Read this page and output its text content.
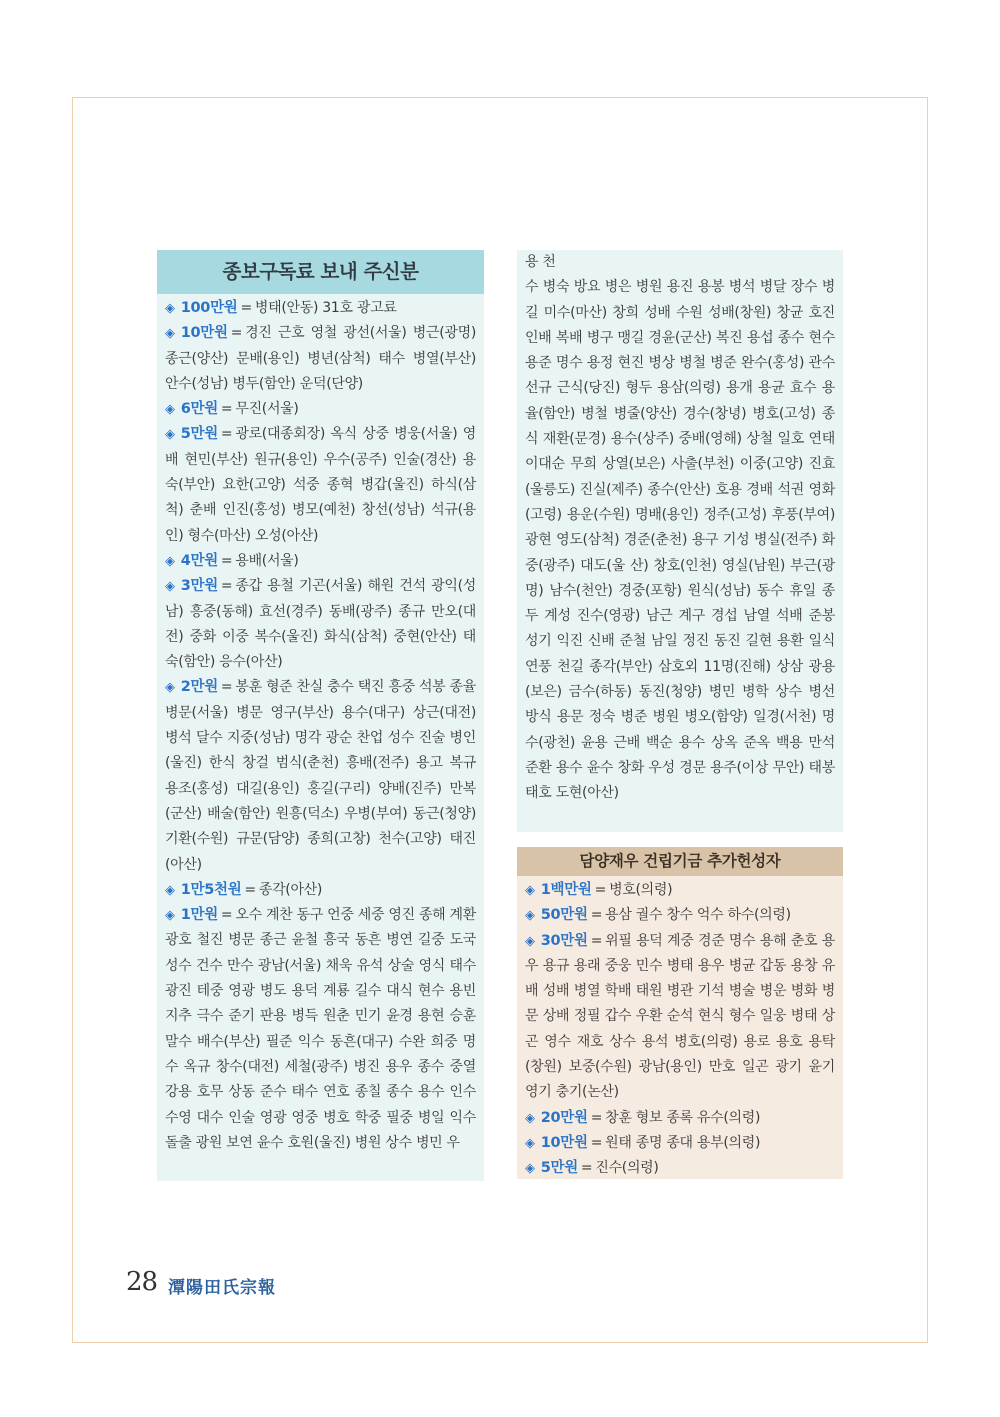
종보구독료 보내 주신분

◈ 100만원 = 병태(안동) 31호 광고료

◈ 10만원 = 경진 근호 영철 광선(서울) 병근(광명) 종근(양산) 문배(용인) 병년(삼척) 태수 병열(부산) 안수(성남) 병두(함안) 운덕(단양)

◈ 6만원 = 무진(서울)

◈ 5만원 = 광로(대종회장) 옥식 상중 병웅(서울) 영배 현민(부산) 원규(용인) 우수(공주) 인술(경산) 용숙(부안) 요한(고양) 석중 종혁 병갑(울진) 하식(삼척) 춘배 인진(홍성) 병모(예천) 창선(성남) 석규(용인) 형수(마산) 오성(아산)

◈ 4만원 = 용배(서울)

◈ 3만원 = 종갑 용철 기곤(서울) 해원 건석 광익(성남) 흥중(동해) 효선(경주) 동배(광주) 종규 만오(대전) 중화 이중 복수(울진) 화식(삼척) 중현(안산) 태숙(함안) 응수(아산)

◈ 2만원 = 봉훈 형준 찬실 충수 택진 흥중 석봉 종율 병문(서울) 병문 영구(부산) 용수(대구) 상근(대전) 병석 달수 지중(성남) 명각 광순 찬업 성수 진술 병인(울진) 한식 창걸 범식(춘천) 흥배(전주) 용고 복규 용조(홍성) 대길(용인) 홍길(구리) 양배(진주) 만복(군산) 배술(함안) 원흥(덕소) 우병(부여) 동근(청양) 기환(수원) 규문(담양) 종희(고창) 천수(고양) 태진(아산)

◈ 1만5천원 = 종각(아산)

◈ 1만원 = 오수 계찬 동구 언중 세중 영진 종해 계환 광호 철진 병문 종근 윤철 흥국 동흔 병연 길중 도국 성수 건수 만수 광남(서울) 채욱 유석 상술 영식 태수 광진 테중 영광 병도 용덕 계룡 길수 대식 현수 용빈 지추 극수 준기 판용 병득 원춘 민기 윤경 용현 승훈 말수 배수(부산) 필준 익수 동흔(대구) 수완 희중 명수 옥규 창수(대전) 세철(광주) 병진 용우 종수 중열 강용 호무 상동 준수 태수 연호 종칠 종수 용수 인수 수영 대수 인술 영광 영중 병호 학중 필중 병일 익수 돌출 광원 보연 윤수 호원(울진) 병원 상수 병민 우

용 천
수 병숙 방요 병은 병원 용진 용봉 병석 병달 장수 병길 미수(마산) 창희 성배 수원 성배(창원) 창균 호진 인배 복배 병구 맹길 경윤(군산) 복진 용섭 종수 현수 용준 명수 용정 현진 병상 병철 병준 완수(홍성) 관수 선규 근식(당진) 형두 용삼(의령) 용개 용균 효수 용율(함안) 병철 병줄(양산) 경수(창녕) 병호(고성) 종식 재환(문경) 용수(상주) 중배(영해) 상철 일호 연태 이대순 무희 상열(보은) 사출(부천) 이중(고양) 진효(울릉도) 진실(제주) 종수(안산) 호용 경배 석권 영화(고령) 용운(수원) 명배(용인) 정주(고성) 후풍(부여) 광현 영도(삼척) 경준(춘천) 용구 기성 병실(전주) 화중(광주) 대도(울 산) 창호(인천) 영실(남원) 부근(광명) 남수(천안) 경중(포항) 원식(성남) 동수 휴일 종두 계성 진수(영광) 남근 계구 경섭 남열 석배 준봉 성기 익진 신배 준철 남일 정진 동진 길현 용환 일식 연풍 천길 종각(부안) 삼호외 11명(진해) 상삼 광용(보은) 금수(하동) 동진(청양) 병민 병학 상수 병선 방식 용문 정숙 병준 병원 병오(함양) 일경(서천) 명수(광천) 윤용 근배 백순 용수 상옥 준옥 백용 만석 준환 용수 윤수 창화 우성 경문 용주(이상 무안) 태봉 태호 도현(아산)
담양재우 건립기금 추가헌성자

◈ 1백만원 = 병호(의령)

◈ 50만원 = 용삼 궐수 창수 억수 하수(의령)

◈ 30만원 = 위필 용덕 계중 경준 명수 용해 춘호 용우 용규 용래 중웅 민수 병태 용우 병균 갑동 용창 유배 성배 병열 학배 태원 병관 기석 병술 병운 병화 병문 상배 정필 갑수 우환 순석 현식 형수 일웅 병태 상곤 영수 재호 상수 용석 병호(의령) 용로 용호 용탁(창원) 보중(수원) 광남(용인) 만호 일곤 광기 윤기 영기 충기(논산)

◈ 20만원 = 창훈 형보 종록 유수(의령)

◈ 10만원 = 원태 종명 종대 용부(의령)

◈ 5만원 = 진수(의령)

28 潭陽田氏宗報
